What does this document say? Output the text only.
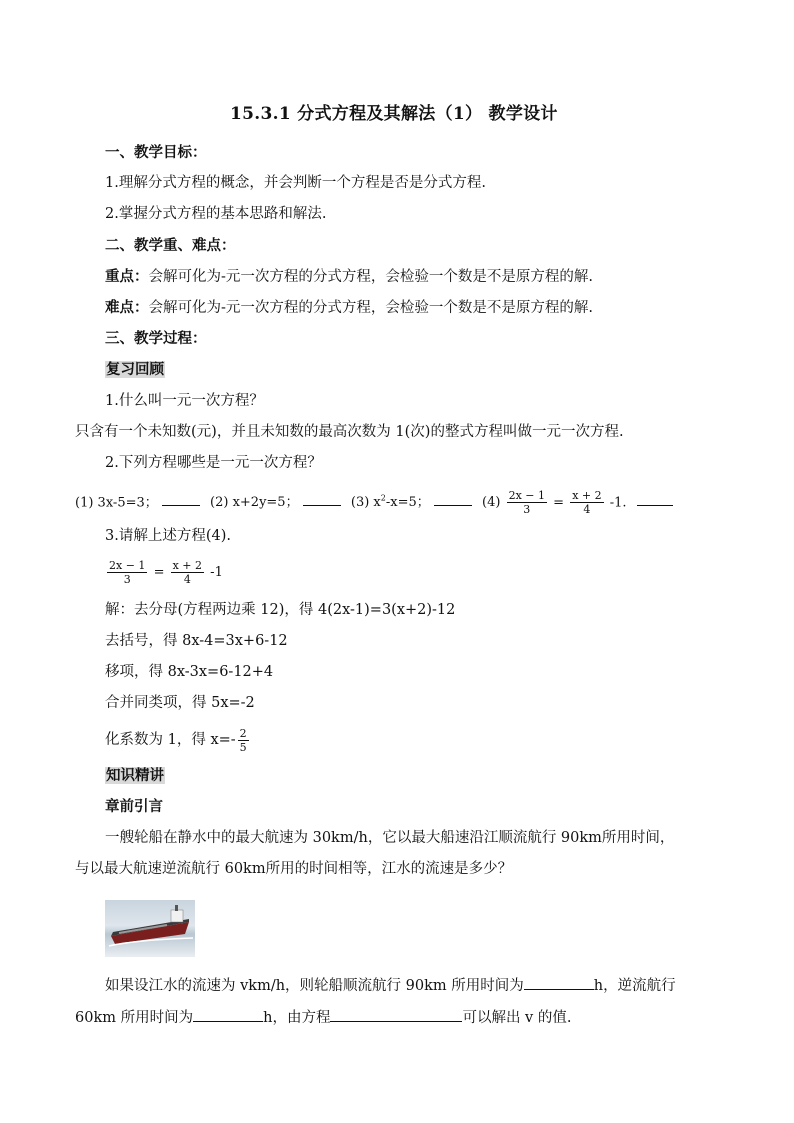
15.3.1 分式方程及其解法（1） 教学设计
一、教学目标：
1.理解分式方程的概念，并会判断一个方程是否是分式方程.
2.掌握分式方程的基本思路和解法.
二、教学重、难点：
重点：会解可化为-元一次方程的分式方程，会检验一个数是不是原方程的解.
难点：会解可化为-元一次方程的分式方程，会检验一个数是不是原方程的解.
三、教学过程：
复习回顾
1.什么叫一元一次方程？
只含有一个未知数(元)，并且未知数的最高次数为 1(次)的整式方程叫做一元一次方程.
2.下列方程哪些是一元一次方程？
(1) 3x-5=3；	(2) x+2y=5；	(3) $x^2-x=5$；	$(4) \frac{2x - 1}{3} = \frac{x + 2}{4} -1$.
3.请解上述方程(4).
$\frac{2x - 1}{3} = \frac{x + 2}{4} -1$
解：去分母(方程两边乘 12)，得 4(2x-1)=3(x+2)-12
去括号，得 8x-4=3x+6-12
移项，得 8x-3x=6-12+4
合并同类项，得 5x=-2
化系数为 1，得 $x=- \frac{2}{5}$
知识精讲
章前引言
一艘轮船在静水中的最大航速为 30km/h，它以最大船速沿江顺流航行 90km所用时间，
与以最大航速逆流航行 60km所用的时间相等，江水的流速是多少？
如果设江水的流速为 vkm/h，则轮船顺流航行 90km 所用时间为	h，逆流航行
60km 所用时间为	h，由方程	可以解出 v 的值.
